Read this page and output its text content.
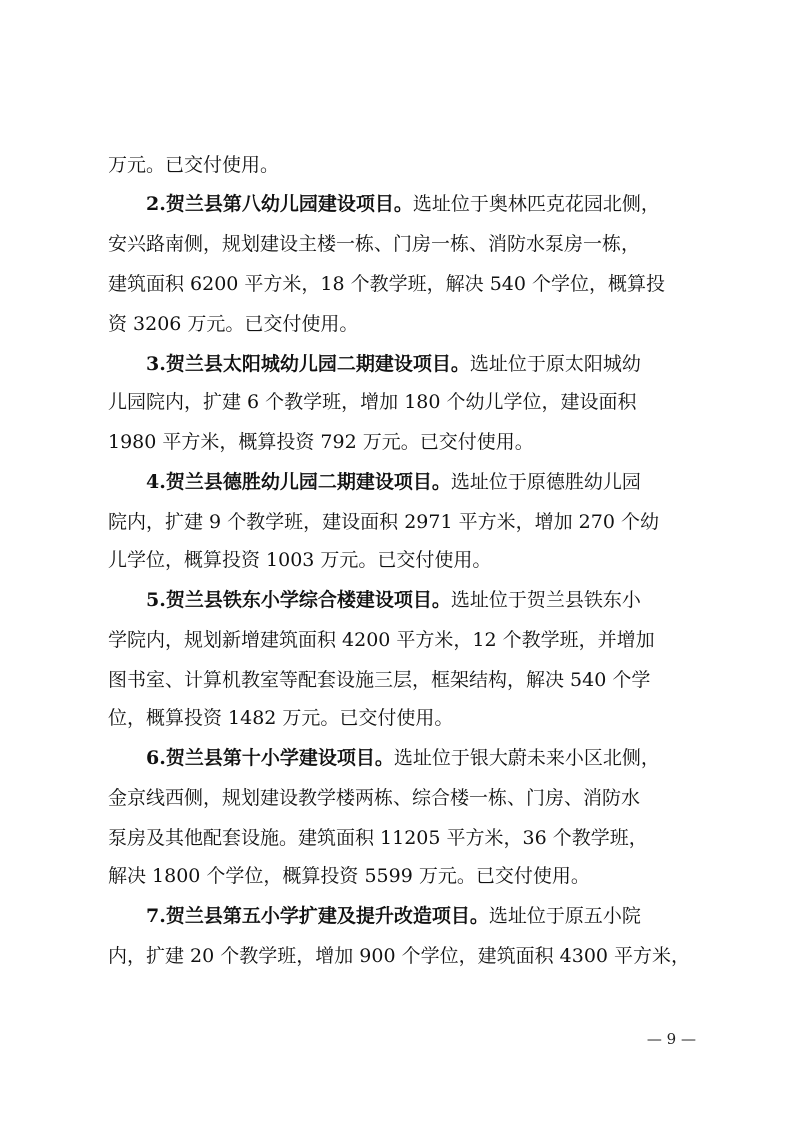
万元。已交付使用。
2.贺兰县第八幼儿园建设项目。选址位于奥林匹克花园北侧，
安兴路南侧，规划建设主楼一栋、门房一栋、消防水泵房一栋，
建筑面积 6200 平方米，18 个教学班，解决 540 个学位，概算投
资 3206 万元。已交付使用。
3.贺兰县太阳城幼儿园二期建设项目。选址位于原太阳城幼
儿园院内，扩建 6 个教学班，增加 180 个幼儿学位，建设面积
1980 平方米，概算投资 792 万元。已交付使用。
4.贺兰县德胜幼儿园二期建设项目。选址位于原德胜幼儿园
院内，扩建 9 个教学班，建设面积 2971 平方米，增加 270 个幼
儿学位，概算投资 1003 万元。已交付使用。
5.贺兰县铁东小学综合楼建设项目。选址位于贺兰县铁东小
学院内，规划新增建筑面积 4200 平方米，12 个教学班，并增加
图书室、计算机教室等配套设施三层，框架结构，解决 540 个学
位，概算投资 1482 万元。已交付使用。
6.贺兰县第十小学建设项目。选址位于银大蔚未来小区北侧，
金京线西侧，规划建设教学楼两栋、综合楼一栋、门房、消防水
泵房及其他配套设施。建筑面积 11205 平方米，36 个教学班，
解决 1800 个学位，概算投资 5599 万元。已交付使用。
7.贺兰县第五小学扩建及提升改造项目。选址位于原五小院
内，扩建 20 个教学班，增加 900 个学位，建筑面积 4300 平方米，
— 9 —
